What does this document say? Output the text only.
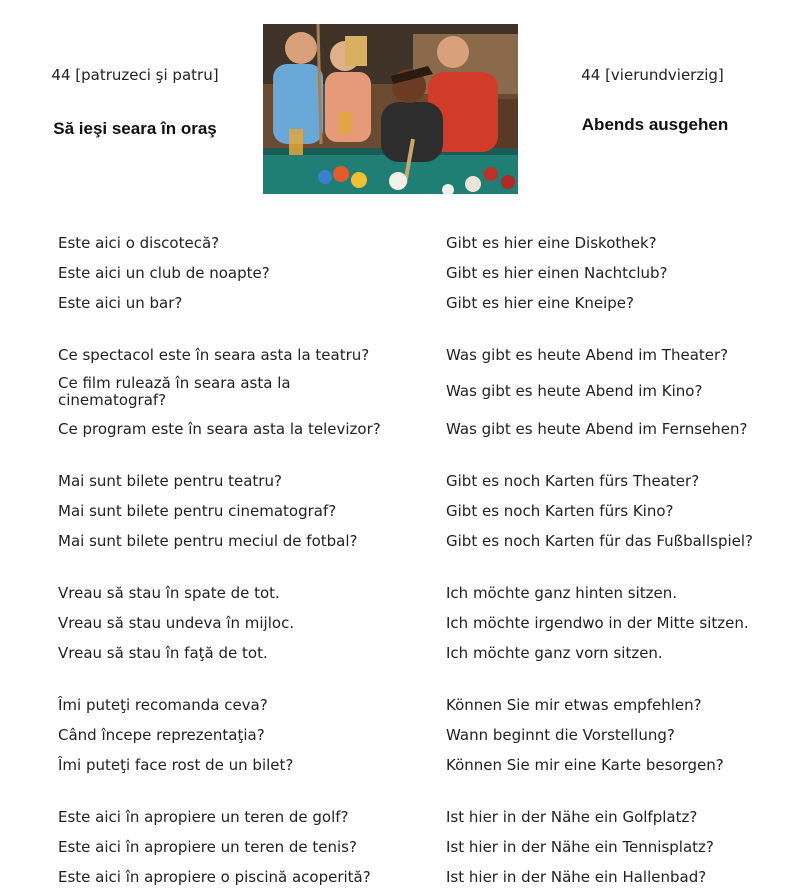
44 [patruzeci şi patru]
Să ieşi seara în oraş
44 [vierundvierzig]
Abends ausgehen
Este aici o discotecă?	Gibt es hier eine Diskothek?
Este aici un club de noapte?	Gibt es hier einen Nachtclub?
Este aici un bar?	Gibt es hier eine Kneipe?
Ce spectacol este în seara asta la teatru?	Was gibt es heute Abend im Theater?
Ce film rulează în seara asta la cinematograf?	Was gibt es heute Abend im Kino?
Ce program este în seara asta la televizor?	Was gibt es heute Abend im Fernsehen?
Mai sunt bilete pentru teatru?	Gibt es noch Karten fürs Theater?
Mai sunt bilete pentru cinematograf?	Gibt es noch Karten fürs Kino?
Mai sunt bilete pentru meciul de fotbal?	Gibt es noch Karten für das Fußballspiel?
Vreau să stau în spate de tot.	Ich möchte ganz hinten sitzen.
Vreau să stau undeva în mijloc.	Ich möchte irgendwo in der Mitte sitzen.
Vreau să stau în faţă de tot.	Ich möchte ganz vorn sitzen.
Îmi puteţi recomanda ceva?	Können Sie mir etwas empfehlen?
Când începe reprezentaţia?	Wann beginnt die Vorstellung?
Îmi puteţi face rost de un bilet?	Können Sie mir eine Karte besorgen?
Este aici în apropiere un teren de golf?	Ist hier in der Nähe ein Golfplatz?
Este aici în apropiere un teren de tenis?	Ist hier in der Nähe ein Tennisplatz?
Este aici în apropiere o piscină acoperită?	Ist hier in der Nähe ein Hallenbad?
